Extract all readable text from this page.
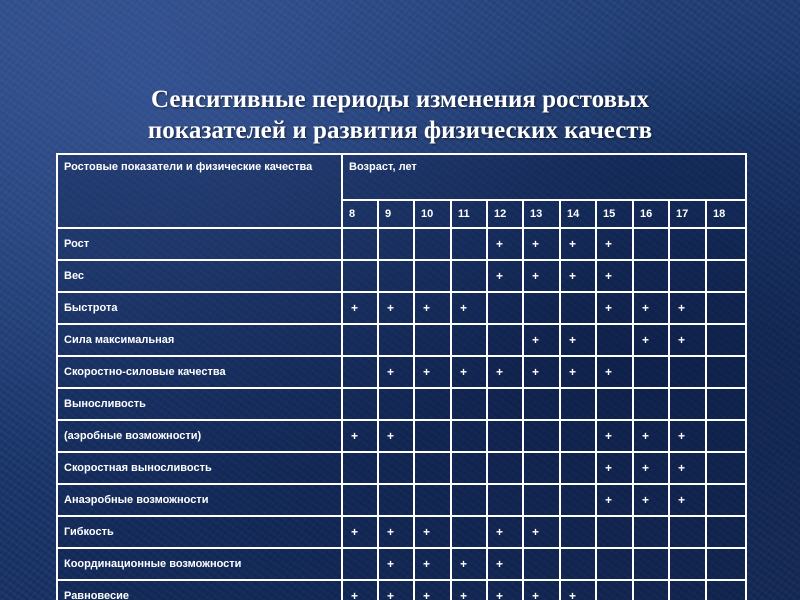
Сенситивные периоды изменения ростовых
показателей и развития физических качеств
Ростовые показатели и физические качества	Возраст, лет										
	8	9	10	11	12	13	14	15	16	17	18
Рост					+	+	+	+			
Вес					+	+	+	+			
Быстрота	+	+	+	+				+	+	+	
Сила максимальная						+	+		+	+	
Скоростно-силовые качества		+	+	+	+	+	+	+			
Выносливость											
(аэробные возможности)	+	+						+	+	+	
Скоростная выносливость								+	+	+	
Анаэробные возможности								+	+	+	
Гибкость	+	+	+		+	+					
Координационные возможности		+	+	+	+						
Равновесие	+	+	+	+	+	+	+				
